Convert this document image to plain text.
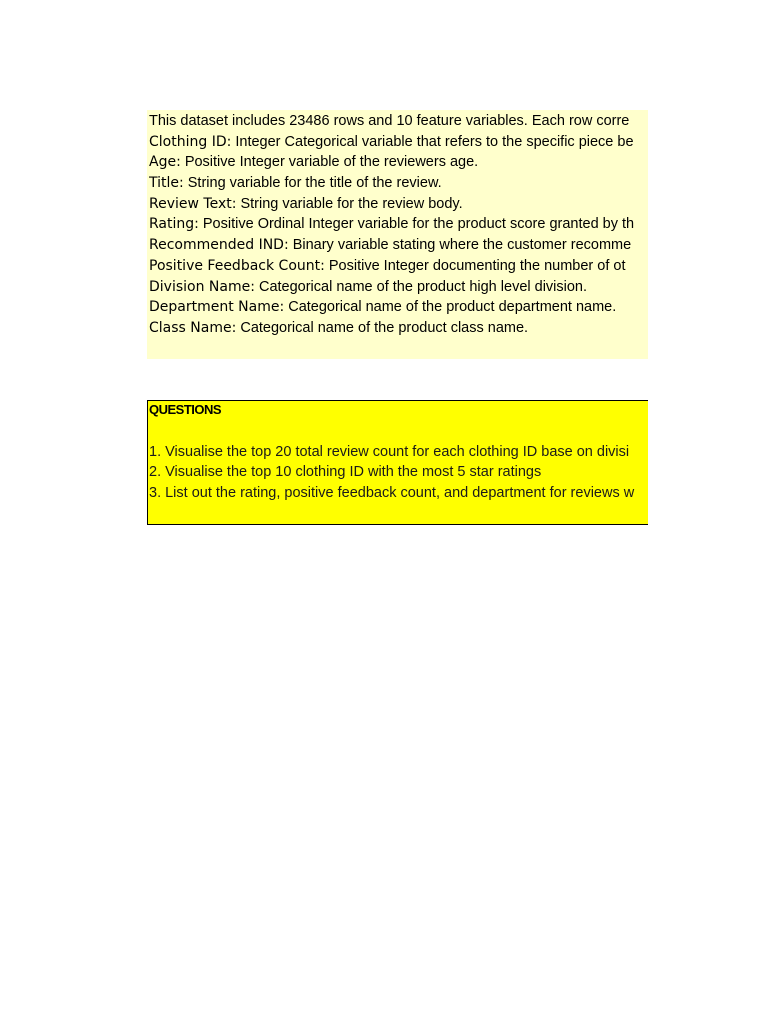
This dataset includes 23486 rows and 10 feature variables. Each row corre
Clothing ID: Integer Categorical variable that refers to the specific piece be
Age: Positive Integer variable of the reviewers age.
Title: String variable for the title of the review.
Review Text: String variable for the review body.
Rating: Positive Ordinal Integer variable for the product score granted by th
Recommended IND: Binary variable stating where the customer recomme
Positive Feedback Count: Positive Integer documenting the number of ot
Division Name: Categorical name of the product high level division.
Department Name: Categorical name of the product department name.
Class Name: Categorical name of the product class name.
QUESTIONS
1. Visualise the top 20 total review count for each clothing ID base on divisi
2. Visualise the top 10 clothing ID with the most 5 star ratings
3. List out the rating, positive feedback count, and department for reviews w
